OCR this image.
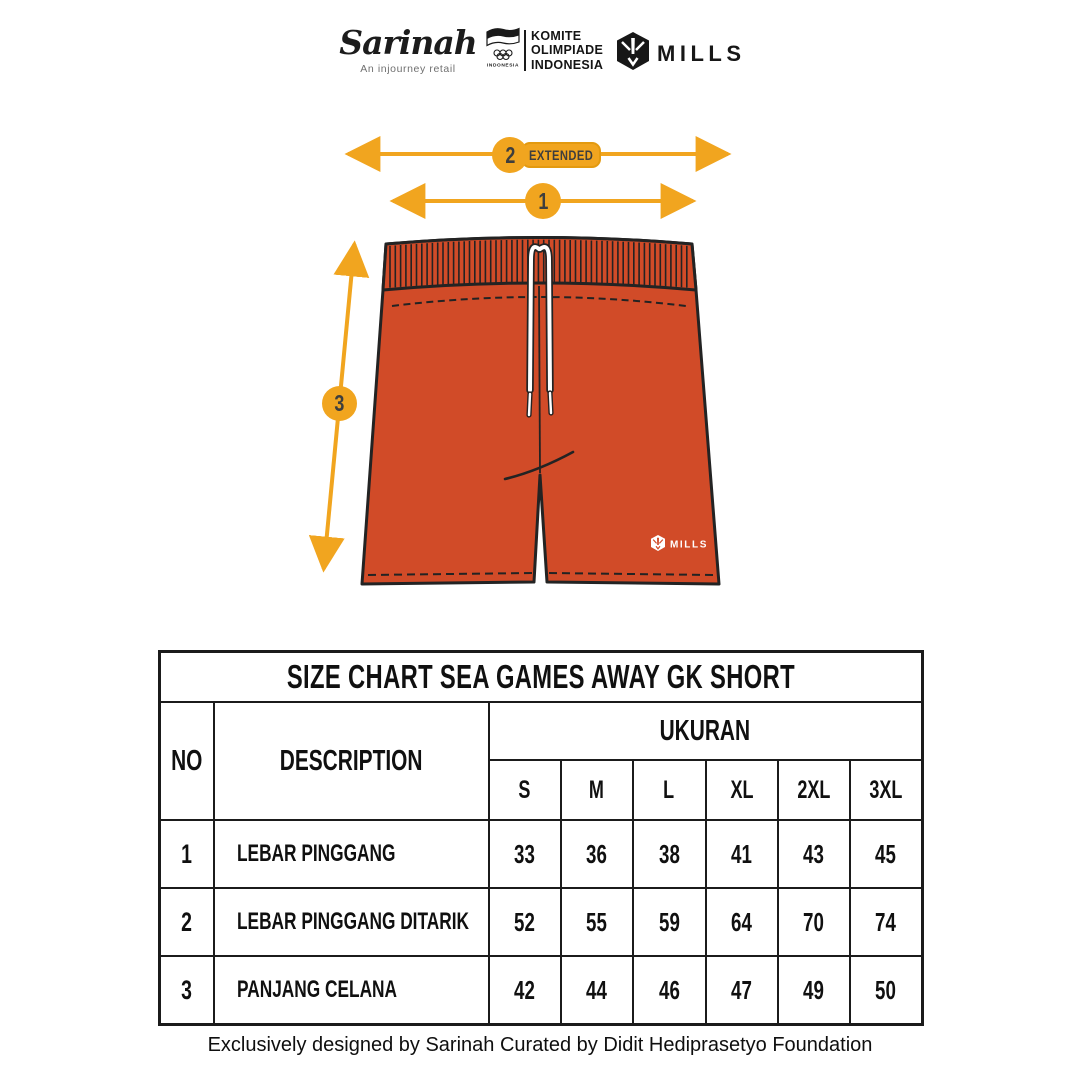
Sarinah
An injourney retail	INDONESIA
KOMITE
OLIMPIADE
INDONESIA MILLS
2 EXTENDED
1
3
MILLS
SIZE CHART SEA GAMES AWAY GK SHORT							
NO	DESCRIPTION	UKURAN					
		S	M	L	XL	2XL	3XL
1	LEBAR PINGGANG	33	36	38	41	43	45
2	LEBAR PINGGANG DITARIK	52	55	59	64	70	74
3	PANJANG CELANA	42	44	46	47	49	50
Exclusively designed by Sarinah Curated by Didit Hediprasetyo Foundation
